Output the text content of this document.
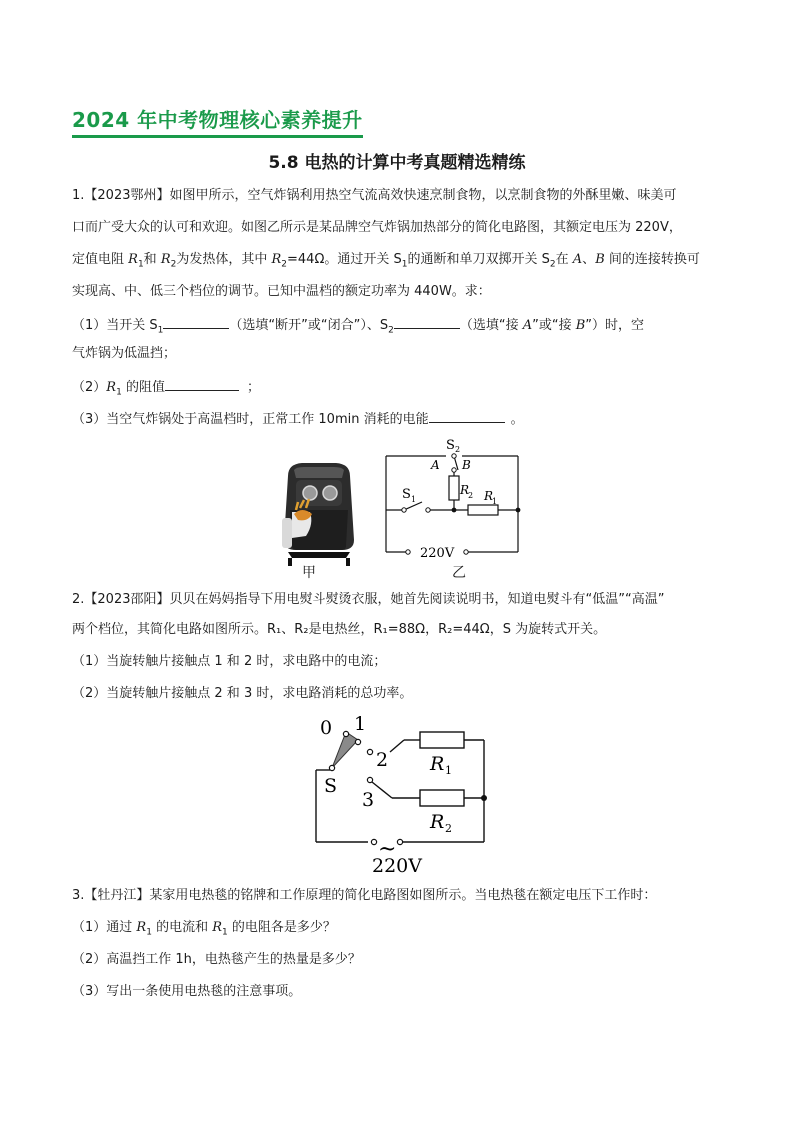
2024 年中考物理核心素养提升
5.8 电热的计算中考真题精选精练
1.【2023鄂州】如图甲所示，空气炸锅利用热空气流高效快速烹制食物，以烹制食物的外酥里嫩、味美可
口而广受大众的认可和欢迎。如图乙所示是某品牌空气炸锅加热部分的简化电路图，其额定电压为 220V，
定值电阻 $R_1$和 $R_2$为发热体，其中 $R_2=44\Omega$。通过开关 $S_1$的通断和单刀双掷开关 $S_2$在 A、B 间的连接转换可
实现高、中、低三个档位的调节。已知中温档的额定功率为 440W。求：
（1）当开关 $S_1$	（选填“断开”或“闭合”）、$S_2$	（选填“接 A”或“接 B”）时，空
气炸锅为低温挡；
$(2)R_1$ 的阻值	；
（3）当空气炸锅处于高温档时，正常工作 10min 消耗的电能	。
甲
S 2
A B
R
2
S 1	R
1
220V
乙
2.【2023邵阳】贝贝在妈妈指导下用电熨斗熨烫衣服，她首先阅读说明书，知道电熨斗有“低温”“高温”
两个档位，其简化电路如图所示。R₁、R₂是电热丝，R₁=88Ω，R₂=44Ω，S 为旋转式开关。
（1）当旋转触片接触点 1 和 2 时，求电路中的电流；
（2）当旋转触片接触点 2 和 3 时，求电路消耗的总功率。
0 1
2
3
S
R 1
R 2
~
220V
3.【牡丹江】某家用电热毯的铭牌和工作原理的简化电路图如图所示。当电热毯在额定电压下工作时：
（1）通过 $R_1$ 的电流和 $R_1$ 的电阻各是多少？
（2）高温挡工作 1h，电热毯产生的热量是多少？
（3）写出一条使用电热毯的注意事项。
